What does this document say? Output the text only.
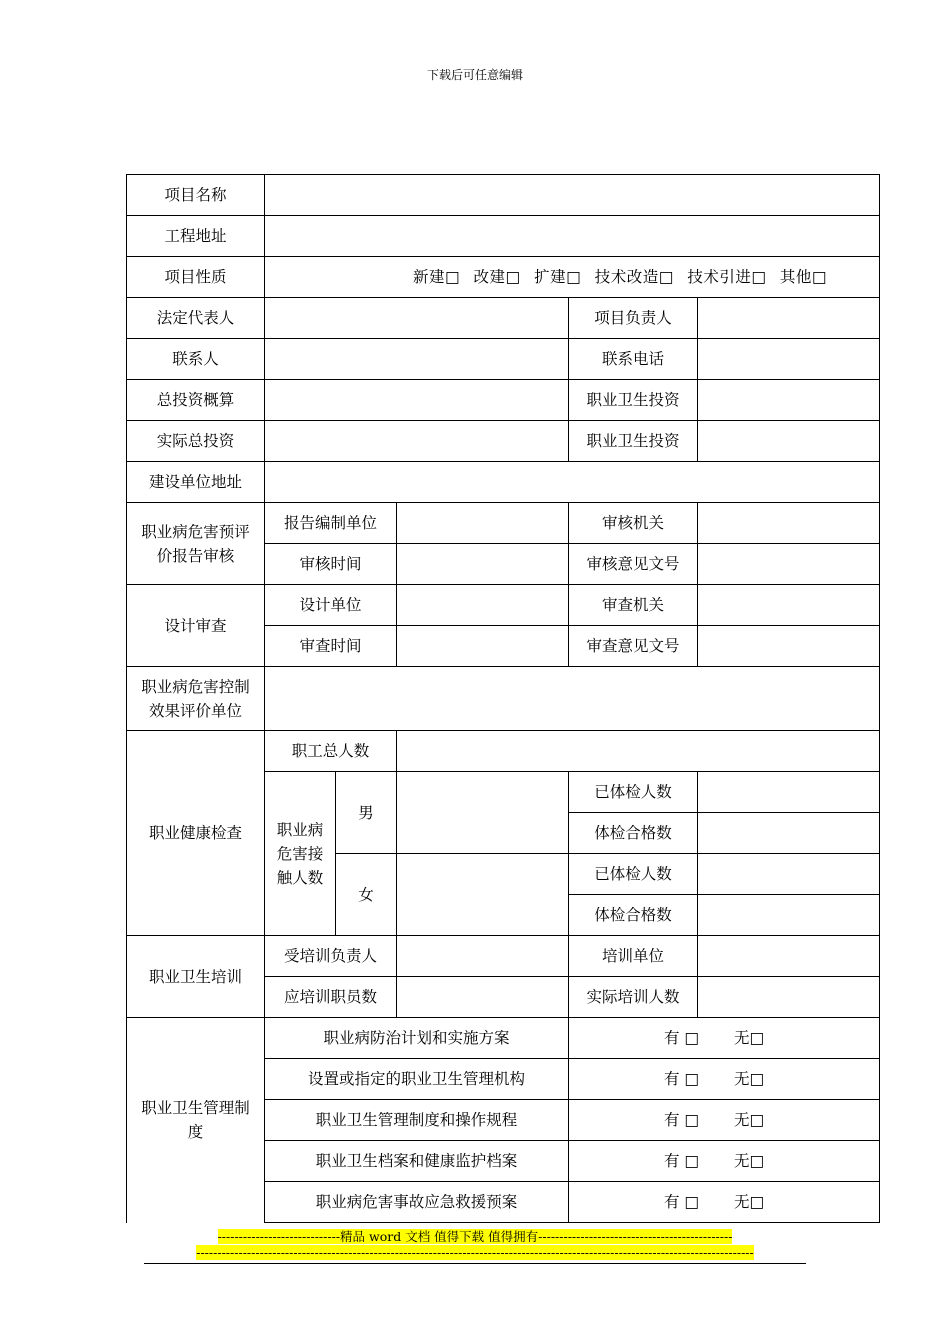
下载后可任意编辑
项目名称					
工程地址					
项目性质	新建□ 改建□ 扩建□ 技术改造□ 技术引进□ 其他□				
法定代表人				项目负责人	
联系人				联系电话	
总投资概算				职业卫生投资	
实际总投资				职业卫生投资	
建设单位地址					
职业病危害预评
价报告审核	报告编制单位			审核机关	
	审核时间			审核意见文号	
设计审查	设计单位			审查机关	
	审查时间			审查意见文号	
职业病危害控制
效果评价单位					
职业健康检查	职工总人数				
	职业病
危害接
触人数	男		已体检人数	
				体检合格数	
		女		已体检人数	
				体检合格数	
职业卫生培训	受培训负责人			培训单位	
	应培训职员数			实际培训人数	
职业卫生管理制
度	职业病防治计划和实施方案			有 □ 无□	
	设置或指定的职业卫生管理机构			有 □ 无□	
	职业卫生管理制度和操作规程			有 □ 无□	
	职业卫生档案和健康监护档案			有 □ 无□	
	职业病危害事故应急救援预案			有 □ 无□	
-----------------------------精品 word 文档 值得下载 值得拥有----------------------------------------------
------------------------------------------------------------------------------------------------------------------------------------
